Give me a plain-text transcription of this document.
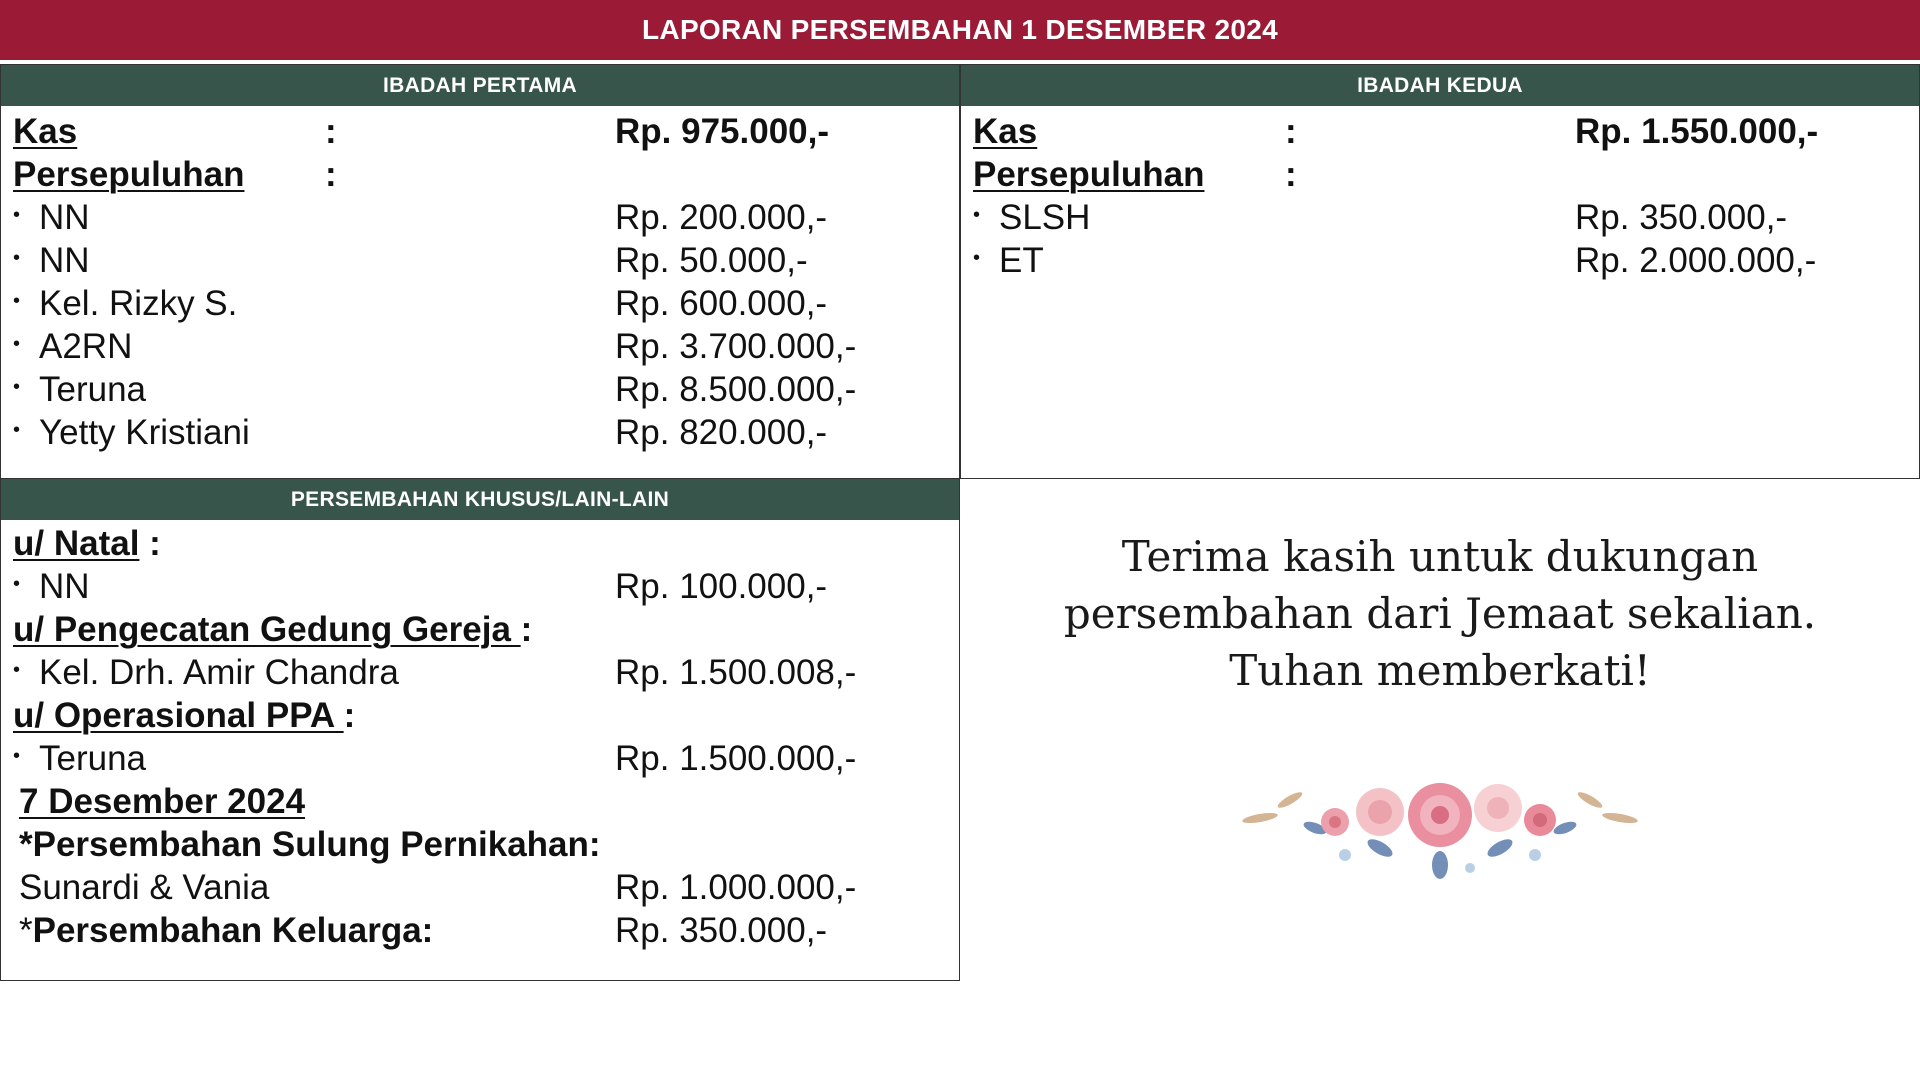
LAPORAN PERSEMBAHAN 1 DESEMBER 2024
IBADAH PERTAMA
Kas	:	Rp. 975.000,-
Persepuluhan :
• NN	Rp. 200.000,-
• NN	Rp. 50.000,-
• Kel. Rizky S.	Rp. 600.000,-
• A2RN	Rp. 3.700.000,-
• Teruna	Rp. 8.500.000,-
• Yetty Kristiani	Rp. 820.000,-
IBADAH KEDUA
Kas	:	Rp. 1.550.000,-
Persepuluhan :
• SLSH	Rp. 350.000,-
• ET	Rp. 2.000.000,-
PERSEMBAHAN KHUSUS/LAIN-LAIN
u/ Natal :
• NN	Rp. 100.000,-
u/ Pengecatan Gedung Gereja :
• Kel. Drh. Amir Chandra	Rp. 1.500.008,-
u/ Operasional PPA :
• Teruna	Rp. 1.500.000,-
7 Desember 2024
*Persembahan Sulung Pernikahan:
Sunardi & Vania	Rp. 1.000.000,-
*Persembahan Keluarga:	Rp. 350.000,-
Terima kasih untuk dukungan
persembahan dari Jemaat sekalian.
Tuhan memberkati!
